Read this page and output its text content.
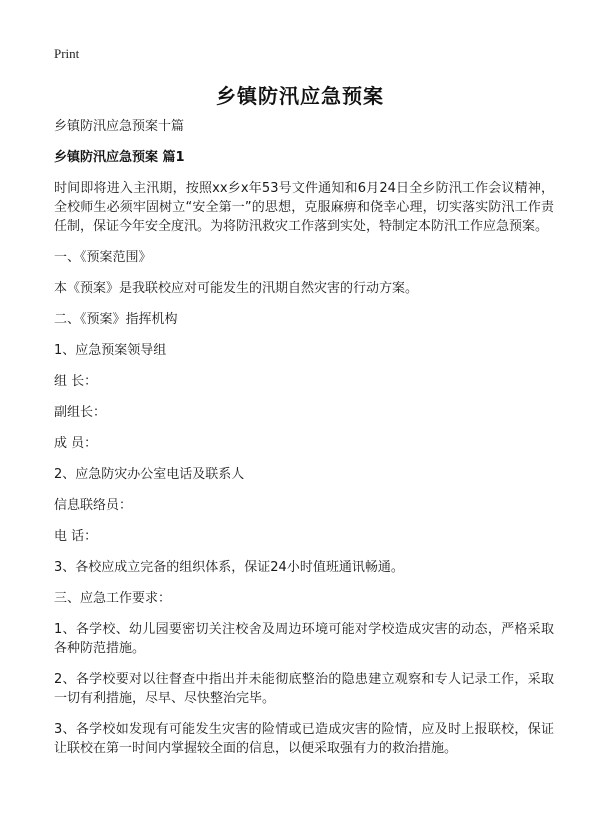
Print
乡镇防汛应急预案

乡镇防汛应急预案十篇

乡镇防汛应急预案 篇1

时间即将进入主汛期，按照xx乡x年53号文件通知和6月24日全乡防汛工作会议精神，全校师生必须牢固树立“安全第一”的思想，克服麻痹和侥幸心理，切实落实防汛工作责任制，保证今年安全度汛。为将防汛救灾工作落到实处，特制定本防汛工作应急预案。

一、《预案范围》

本《预案》是我联校应对可能发生的汛期自然灾害的行动方案。

二、《预案》指挥机构

1、应急预案领导组

组 长：

副组长：

成 员：

2、应急防灾办公室电话及联系人

信息联络员：

电 话：

3、各校应成立完备的组织体系，保证24小时值班通讯畅通。

三、应急工作要求：

1、各学校、幼儿园要密切关注校舍及周边环境可能对学校造成灾害的动态，严格采取各种防范措施。

2、各学校要对以往督查中指出并未能彻底整治的隐患建立观察和专人记录工作，采取一切有利措施，尽早、尽快整治完毕。

3、各学校如发现有可能发生灾害的险情或已造成灾害的险情，应及时上报联校，保证让联校在第一时间内掌握较全面的信息，以便采取强有力的救治措施。
